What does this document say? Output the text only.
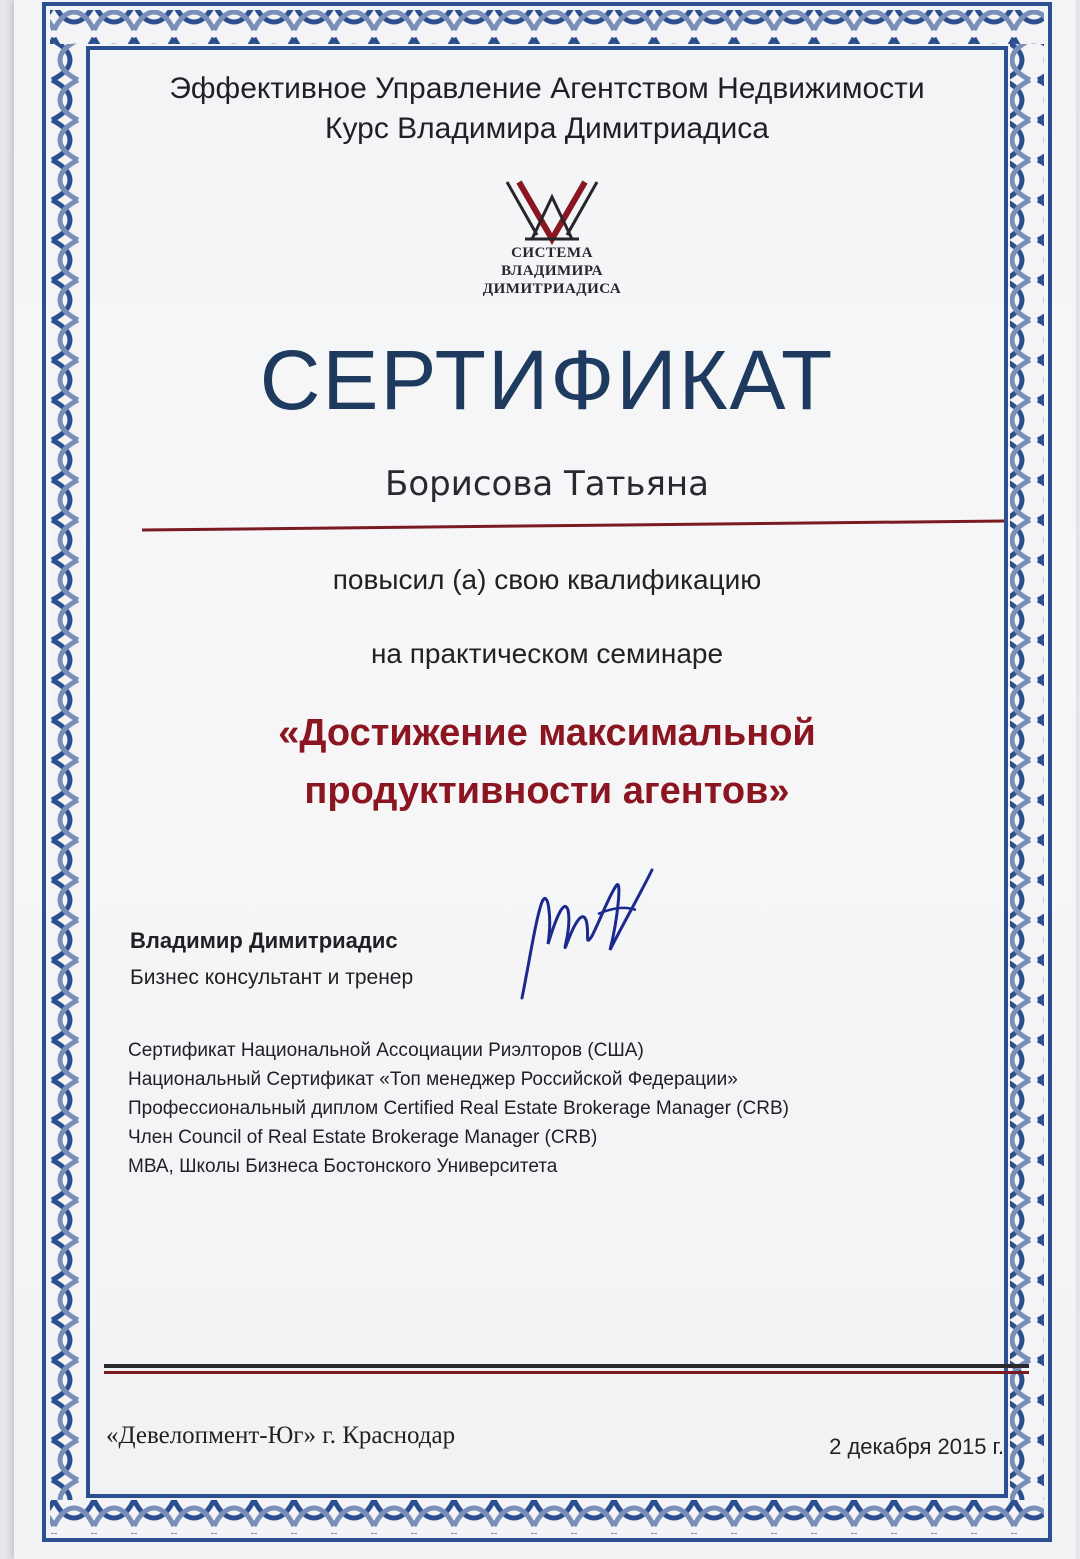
Эффективное Управление Агентством Недвижимости
Курс Владимира Димитриадиса
СИСТЕМА
ВЛАДИМИРА
ДИМИТРИАДИСА
СЕРТИФИКАТ
Борисова Татьяна
повысил (а) свою квалификацию
на практическом семинаре
«Достижение максимальной
продуктивности агентов»
Владимир Димитриадис
Бизнес консультант и тренер
Сертификат Национальной Ассоциации Риэлторов (США)
Национальный Сертификат «Топ менеджер Российской Федерации»
Профессиональный диплом Certified Real Estate Brokerage Manager (CRB)
Член Council of Real Estate Brokerage Manager (CRB)
МВА, Школы Бизнеса Бостонского Университета
«Девелопмент-Юг» г. Краснодар	2 декабря 2015 г.
